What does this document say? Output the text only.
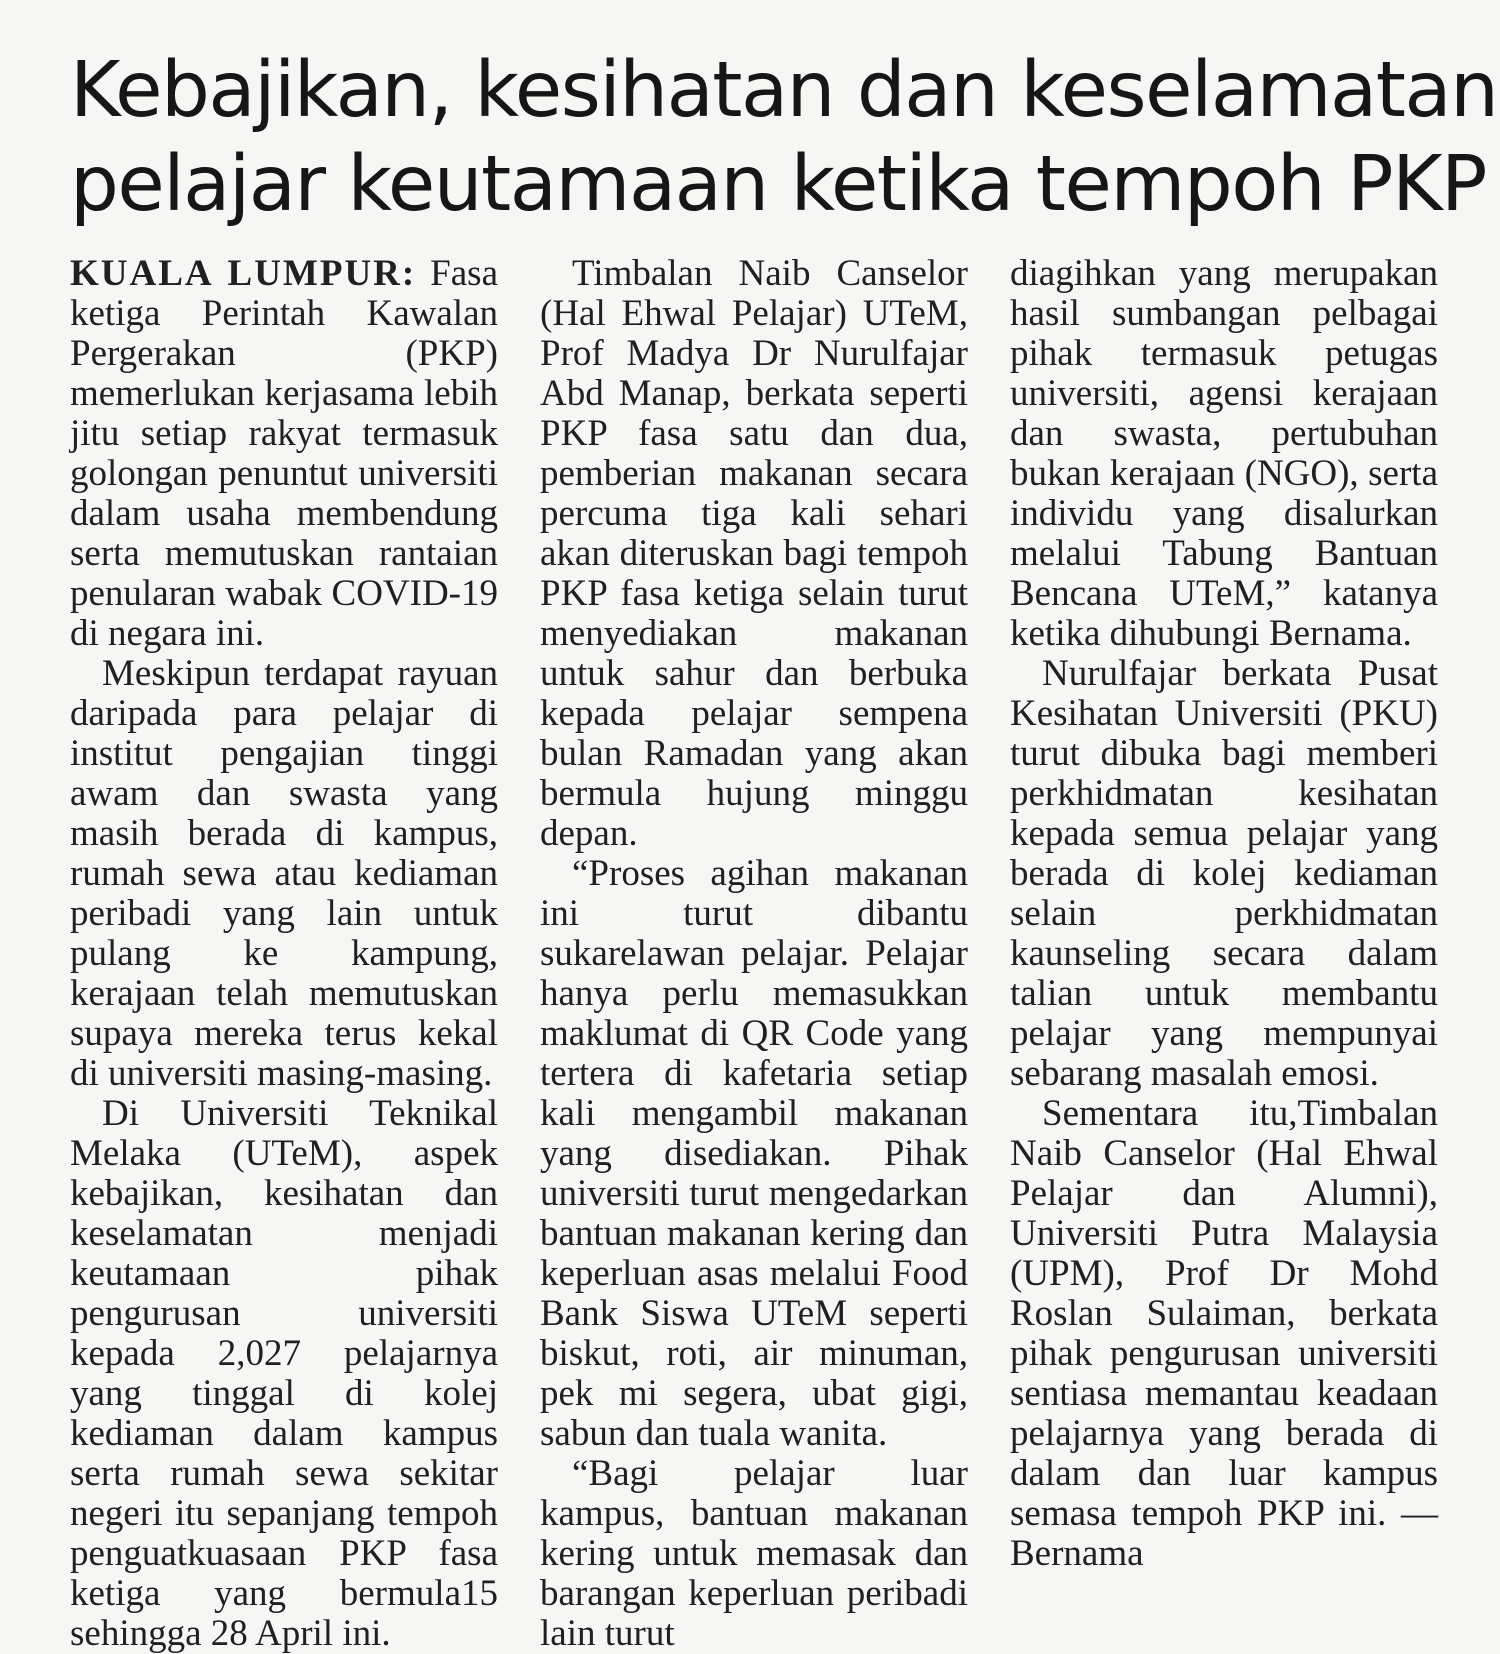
Kebajikan, kesihatan dan keselamatan
pelajar keutamaan ketika tempoh PKP

KUALA LUMPUR: Fasa ketiga Perintah Kawalan Pergerakan (PKP) memerlukan kerjasama lebih jitu setiap rakyat termasuk golongan penuntut universiti dalam usaha membendung serta memutuskan rantaian penularan wabak COVID-19 di negara ini.

Meskipun terdapat rayuan daripada para pelajar di institut pengajian tinggi awam dan swasta yang masih berada di kampus, rumah sewa atau kediaman peribadi yang lain untuk pulang ke kampung, kerajaan telah memutuskan supaya mereka terus kekal di universiti masing-masing.

Di Universiti Teknikal Melaka (UTeM), aspek kebajikan, kesihatan dan keselamatan menjadi keutamaan pihak pengurusan universiti kepada 2,027 pelajarnya yang tinggal di kolej kediaman dalam kampus serta rumah sewa sekitar negeri itu sepanjang tempoh penguatkuasaan PKP fasa ketiga yang bermula15 sehingga 28 April ini.

Timbalan Naib Canselor (Hal Ehwal Pelajar) UTeM, Prof Madya Dr Nurulfajar Abd Manap, berkata seperti PKP fasa satu dan dua, pemberian makanan secara percuma tiga kali sehari akan diteruskan bagi tempoh PKP fasa ketiga selain turut menyediakan makanan untuk sahur dan berbuka kepada pelajar sempena bulan Ramadan yang akan bermula hujung minggu depan.

“Proses agihan makanan ini turut dibantu sukarelawan pelajar. Pelajar hanya perlu memasukkan maklumat di QR Code yang tertera di kafetaria setiap kali mengambil makanan yang disediakan. Pihak universiti turut mengedarkan bantuan makanan kering dan keperluan asas melalui Food Bank Siswa UTeM seperti biskut, roti, air minuman, pek mi segera, ubat gigi, sabun dan tuala wanita.

“Bagi pelajar luar kampus, bantuan makanan kering untuk memasak dan barangan keperluan peribadi lain turut

diagihkan yang merupakan hasil sumbangan pelbagai pihak termasuk petugas universiti, agensi kerajaan dan swasta, pertubuhan bukan kerajaan (NGO), serta individu yang disalurkan melalui Tabung Bantuan Bencana UTeM,” katanya ketika dihubungi Bernama.

Nurulfajar berkata Pusat Kesihatan Universiti (PKU) turut dibuka bagi memberi perkhidmatan kesihatan kepada semua pelajar yang berada di kolej kediaman selain perkhidmatan kaunseling secara dalam talian untuk membantu pelajar yang mempunyai sebarang masalah emosi.

Sementara itu,Timbalan Naib Canselor (Hal Ehwal Pelajar dan Alumni), Universiti Putra Malaysia (UPM), Prof Dr Mohd Roslan Sulaiman, berkata pihak pengurusan universiti sentiasa memantau keadaan pelajarnya yang berada di dalam dan luar kampus semasa tempoh PKP ini. — Bernama
